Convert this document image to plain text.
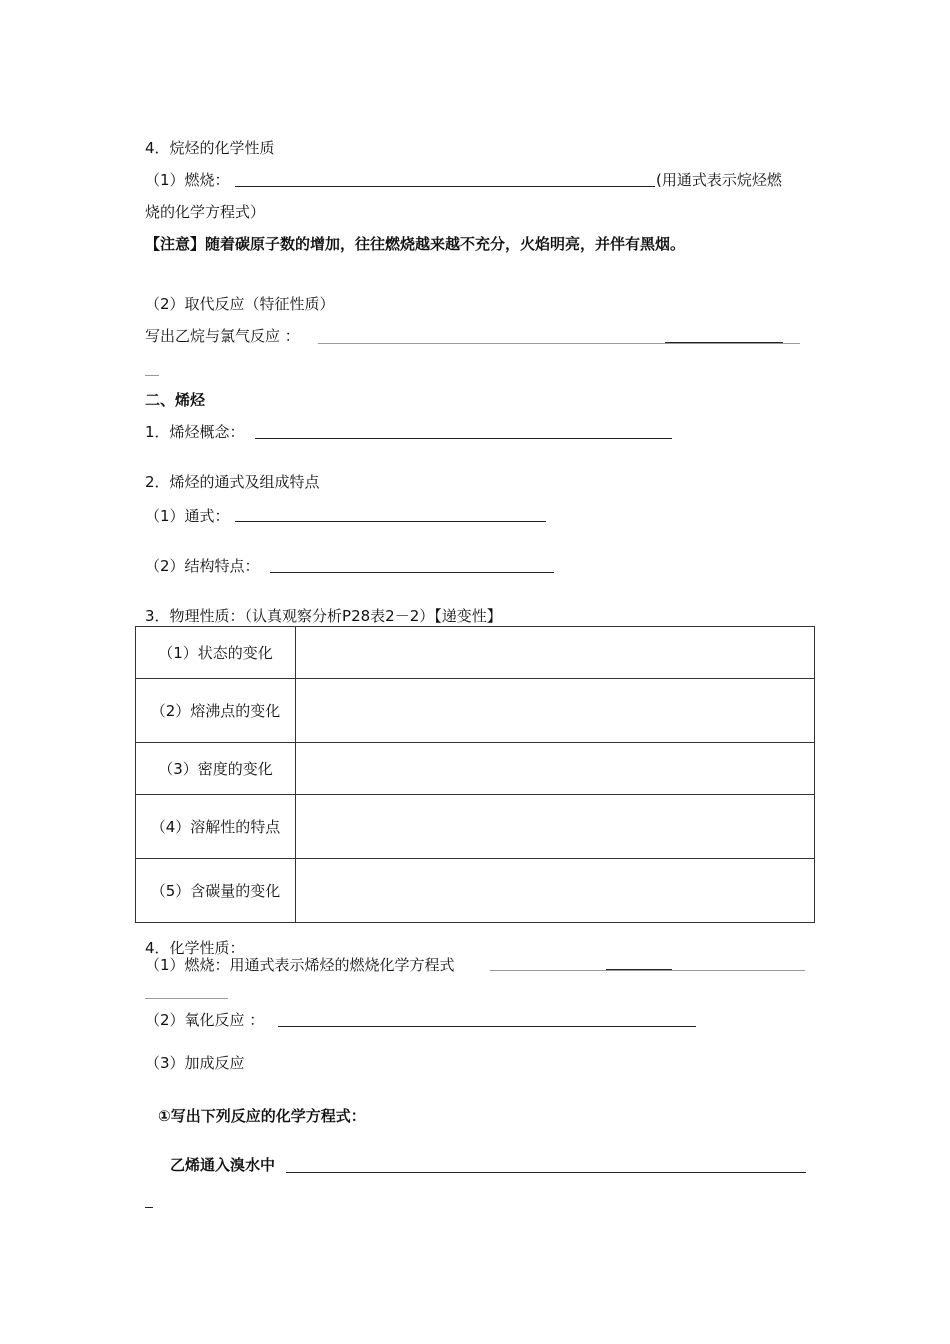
4．烷烃的化学性质
（1）燃烧：	(用通式表示烷烃燃
烧的化学方程式）
【注意】随着碳原子数的增加，往往燃烧越来越不充分，火焰明亮，并伴有黑烟。
（2）取代反应（特征性质）
写出乙烷与氯气反应 ：
二、烯烃
1．烯烃概念：
2．烯烃的通式及组成特点
（1）通式：
（2）结构特点：
3．物理性质：（认真观察分析P28表2－2）【递变性】
（1）状态的变化	
（2）熔沸点的变化	
（3）密度的变化	
（4）溶解性的特点	
（5）含碳量的变化	
4．化学性质：
（1）燃烧：用通式表示烯烃的燃烧化学方程式
（2）氧化反应 ：
（3）加成反应
①写出下列反应的化学方程式：
乙烯通入溴水中
